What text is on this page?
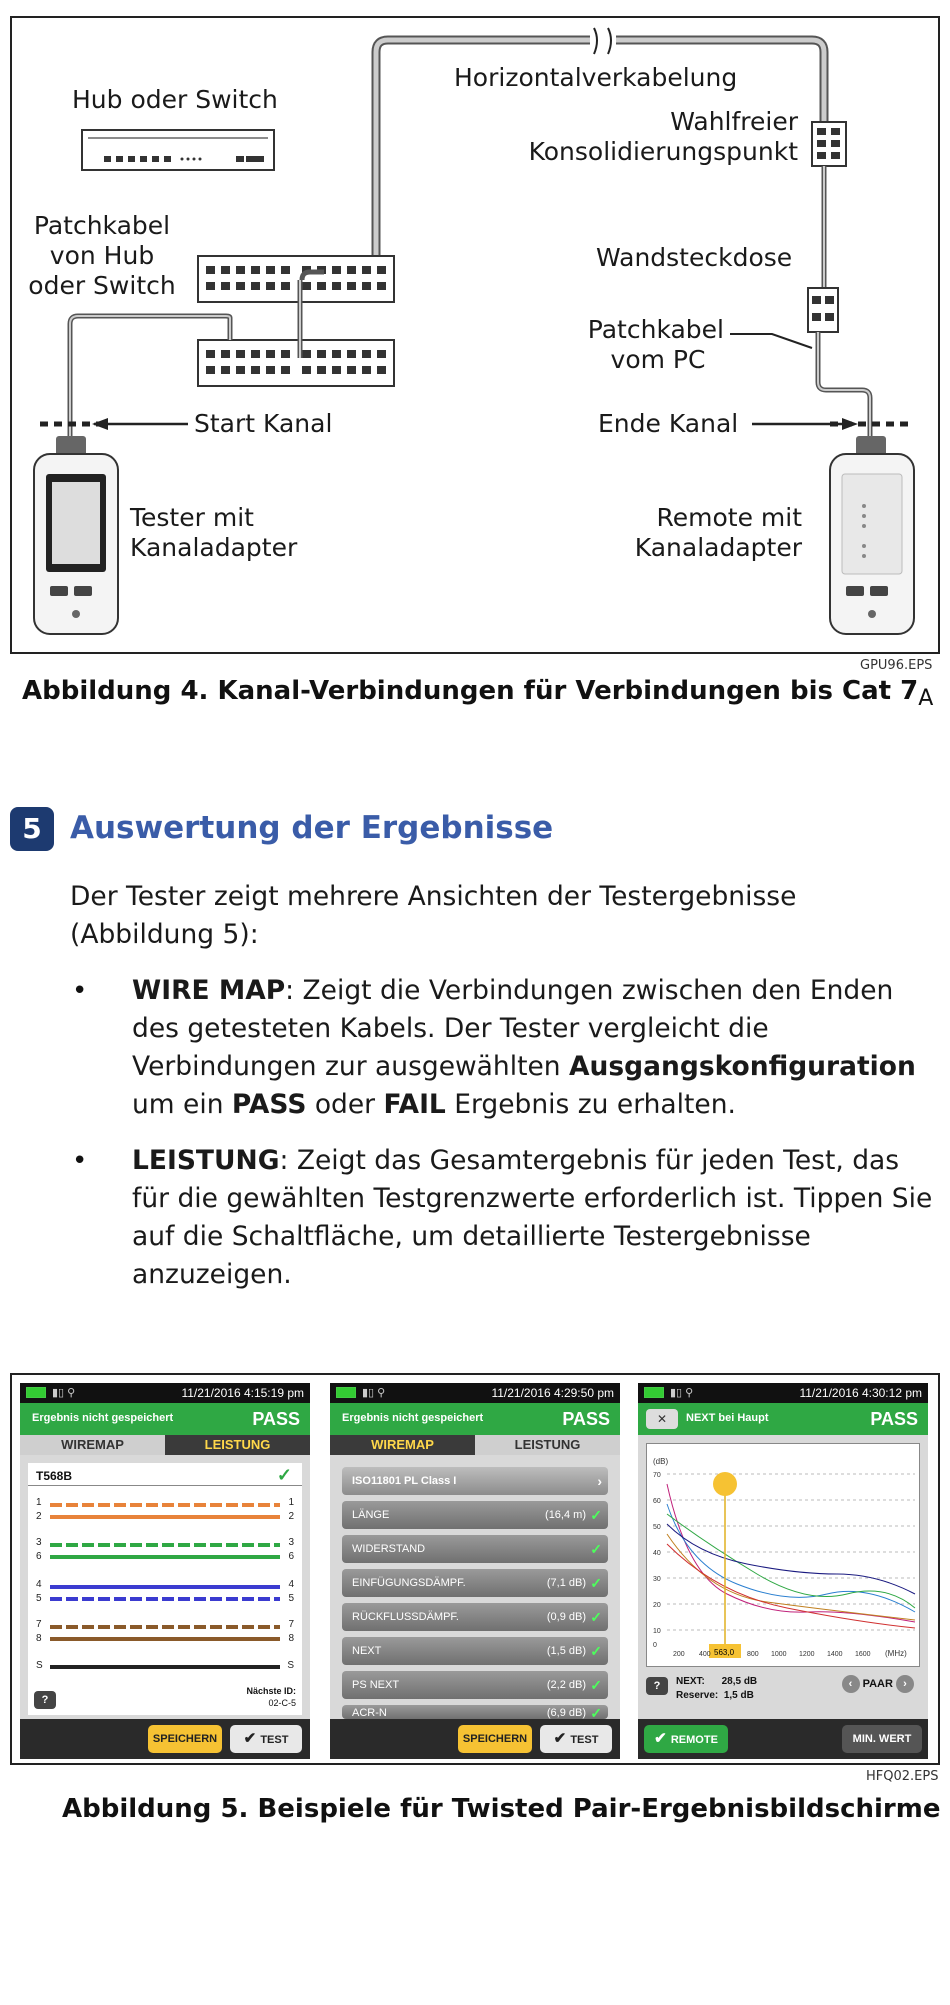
Hub oder Switch
Horizontalverkabelung
Wahlfreier
Konsolidierungspunkt
Patchkabel
von Hub
oder Switch
Wandsteckdose
Patchkabel
vom PC
Start Kanal	Ende Kanal
Tester mit
Kanaladapter
Remote mit
Kanaladapter
GPU96.EPS
Abbildung 4. Kanal-Verbindungen für Verbindungen bis Cat $7_A$
5 Auswertung der Ergebnisse
Der Tester zeigt mehrere Ansichten der Testergebnisse (Abbildung 5):
• WIRE MAP: Zeigt die Verbindungen zwischen den Enden des getesteten Kabels. Der Tester vergleicht die Verbindungen zur ausgewählten Ausgangskonfiguration um ein PASS oder FAIL Ergebnis zu erhalten.
• LEISTUNG: Zeigt das Gesamtergebnis für jeden Test, das für die gewählten Testgrenzwerte erforderlich ist. Tippen Sie auf die Schaltfläche, um detaillierte Testergebnisse anzuzeigen.
▮▯ ⚲	11/21/2016 4:15:19 pm
Ergebnis nicht gespeichert	PASS
WIREMAP	LEISTUNG
T568B	✓
1	1
2	2
3	3
6	6
4	4
5	5
7	7
8	8
S	S
?
Nächste ID:
02-C-5
SPEICHERN	✔ TEST
▮▯ ⚲	11/21/2016 4:29:50 pm
Ergebnis nicht gespeichert	PASS
WIREMAP	LEISTUNG
ISO11801 PL Class I	›
LÄNGE	(16,4 m) ✓
WIDERSTAND	✓
EINFÜGUNGSDÄMPF.	(7,1 dB) ✓
RÜCKFLUSSDÄMPF.	(0,9 dB) ✓
NEXT	(1,5 dB) ✓
PS NEXT	(2,2 dB) ✓
ACR-N	(6,9 dB) ✓
SPEICHERN	✔ TEST
▮▯ ⚲	11/21/2016 4:30:12 pm
✕	NEXT bei Haupt	PASS
563,0
(dB)
(MHz)
70
60
50
40
30
20
10
0
200 400	800 1000 1200 1400 1600
?	NEXT: 28,5 dB
Reserve: 1,5 dB
‹ PAAR ›
✔ REMOTE	MIN. WERT
HFQ02.EPS
Abbildung 5. Beispiele für Twisted Pair-Ergebnisbildschirme
